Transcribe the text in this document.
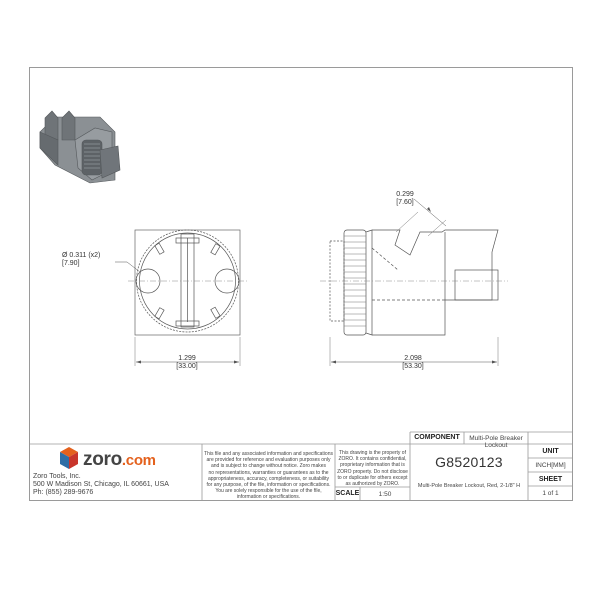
Ø 0.311 (x2)
[7.90]
1.299
[33.00]
2.098
[53.30]
0.299
[7.60]
zoro.com
Zoro Tools, Inc.
500 W Madison St, Chicago, IL 60661, USA
Ph: (855) 289-9676
This file and any associated information and specifications
are provided for reference and evaluation purposes only
and is subject to change without notice. Zoro makes
no representations, warranties or guarantees as to the
appropriateness, accuracy, completeness, or suitability
for any purpose, of the file, information or specifications.
You are solely responsible for the use of the file,
information or specifications.
This drawing is the property of
ZORO. It contains confidential,
proprietary information that is
ZORO property. Do not disclose
to or duplicate for others except
as authorized by ZORO.
COMPONENT	Multi-Pole Breaker Lockout
G8520123
Multi-Pole Breaker Lockout, Red, 2-1/8" H
UNIT
INCH[MM]
SHEET
1 of 1
SCALE	1:50
